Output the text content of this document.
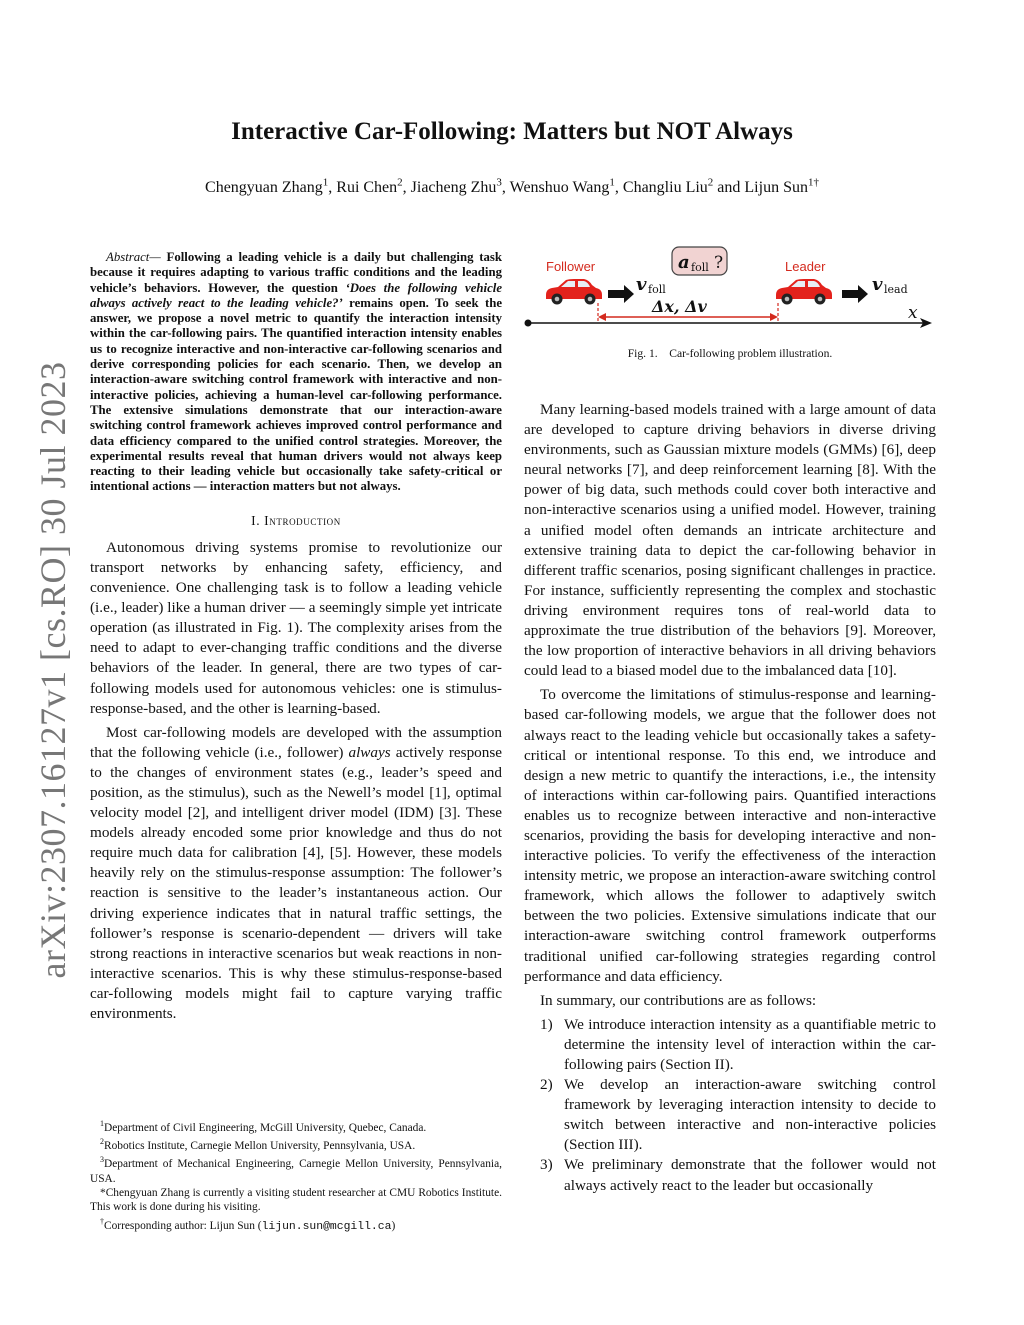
arXiv:2307.16127v1 [cs.RO] 30 Jul 2023
Interactive Car-Following: Matters but NOT Always
Chengyuan Zhang$^1$, Rui Chen$^2$, Jiacheng Zhu$^3$, Wenshuo Wang$^1$, Changliu Liu$^2$ and Lijun Sun$^{1\dagger}$

Abstract— Following a leading vehicle is a daily but challenging task because it requires adapting to various traffic conditions and the leading vehicle’s behaviors. However, the question ‘Does the following vehicle always actively react to the leading vehicle?’ remains open. To seek the answer, we propose a novel metric to quantify the interaction intensity within the car-following pairs. The quantified interaction intensity enables us to recognize interactive and non-interactive car-following scenarios and derive corresponding policies for each scenario. Then, we develop an interaction-aware switching control framework with interactive and non-interactive policies, achieving a human-level car-following performance. The extensive simulations demonstrate that our interaction-aware switching control framework achieves improved control performance and data efficiency compared to the unified control strategies. Moreover, the experimental results reveal that human drivers would not always keep reacting to their leading vehicle but occasionally take safety-critical or intentional actions — interaction matters but not always.

I. Introduction

Autonomous driving systems promise to revolutionize our transport networks by enhancing safety, efficiency, and convenience. One challenging task is to follow a leading vehicle (i.e., leader) like a human driver — a seemingly simple yet intricate operation (as illustrated in Fig. 1). The complexity arises from the need to adapt to ever-changing traffic conditions and the diverse behaviors of the leader. In general, there are two types of car-following models used for autonomous vehicles: one is stimulus-response-based, and the other is learning-based.

Most car-following models are developed with the assumption that the following vehicle (i.e., follower) always actively response to the changes of environment states (e.g., leader’s speed and position, as the stimulus), such as the Newell’s model [1], optimal velocity model [2], and intelligent driver model (IDM) [3]. These models already encoded some prior knowledge and thus do not require much data for calibration [4], [5]. However, these models heavily rely on the stimulus-response assumption: The follower’s reaction is sensitive to the leader’s instantaneous action. Our driving experience indicates that in natural traffic settings, the follower’s response is scenario-dependent — drivers will take strong reactions in interactive scenarios but weak reactions in non-interactive scenarios. This is why these stimulus-response-based car-following models might fail to capture varying traffic environments.

$^1$Department of Civil Engineering, McGill University, Quebec, Canada.
$^2$Robotics Institute, Carnegie Mellon University, Pennsylvania, USA.
$^3$Department of Mechanical Engineering, Carnegie Mellon University, Pennsylvania, USA.
*Chengyuan Zhang is currently a visiting student researcher at CMU Robotics Institute. This work is done during his visiting.
†Corresponding author: Lijun Sun (lijun.sun@mcgill.ca)
Follower	Leader
a foll ?
v foll	v lead
Δx, Δv	x
Fig. 1.    Car-following problem illustration.

Many learning-based models trained with a large amount of data are developed to capture driving behaviors in diverse driving environments, such as Gaussian mixture models (GMMs) [6], deep neural networks [7], and deep reinforcement learning [8]. With the power of big data, such methods could cover both interactive and non-interactive scenarios using a unified model. However, training a unified model often demands an intricate architecture and extensive training data to depict the car-following behavior in different traffic scenarios, posing significant challenges in practice. For instance, sufficiently representing the complex and stochastic driving environment requires tons of real-world data to approximate the true distribution of the behaviors [9]. Moreover, the low proportion of interactive behaviors in all driving behaviors could lead to a biased model due to the imbalanced data [10].

To overcome the limitations of stimulus-response and learning-based car-following models, we argue that the follower does not always react to the leading vehicle but occasionally takes a safety-critical or intentional response. To this end, we introduce and design a new metric to quantify the interactions, i.e., the intensity of interactions within car-following pairs. Quantified interactions enables us to recognize between interactive and non-interactive scenarios, providing the basis for developing interactive and non-interactive policies. To verify the effectiveness of the interaction intensity metric, we propose an interaction-aware switching control framework, which allows the follower to adaptively switch between the two policies. Extensive simulations indicate that our interaction-aware switching control framework outperforms traditional unified car-following strategies regarding control performance and data efficiency.

In summary, our contributions are as follows:

1) We introduce interaction intensity as a quantifiable metric to determine the intensity level of interaction within the car-following pairs (Section II).
2) We develop an interaction-aware switching control framework by leveraging interaction intensity to decide to switch between interactive and non-interactive policies (Section III).
3) We preliminary demonstrate that the follower would not always actively react to the leader but occasionally
